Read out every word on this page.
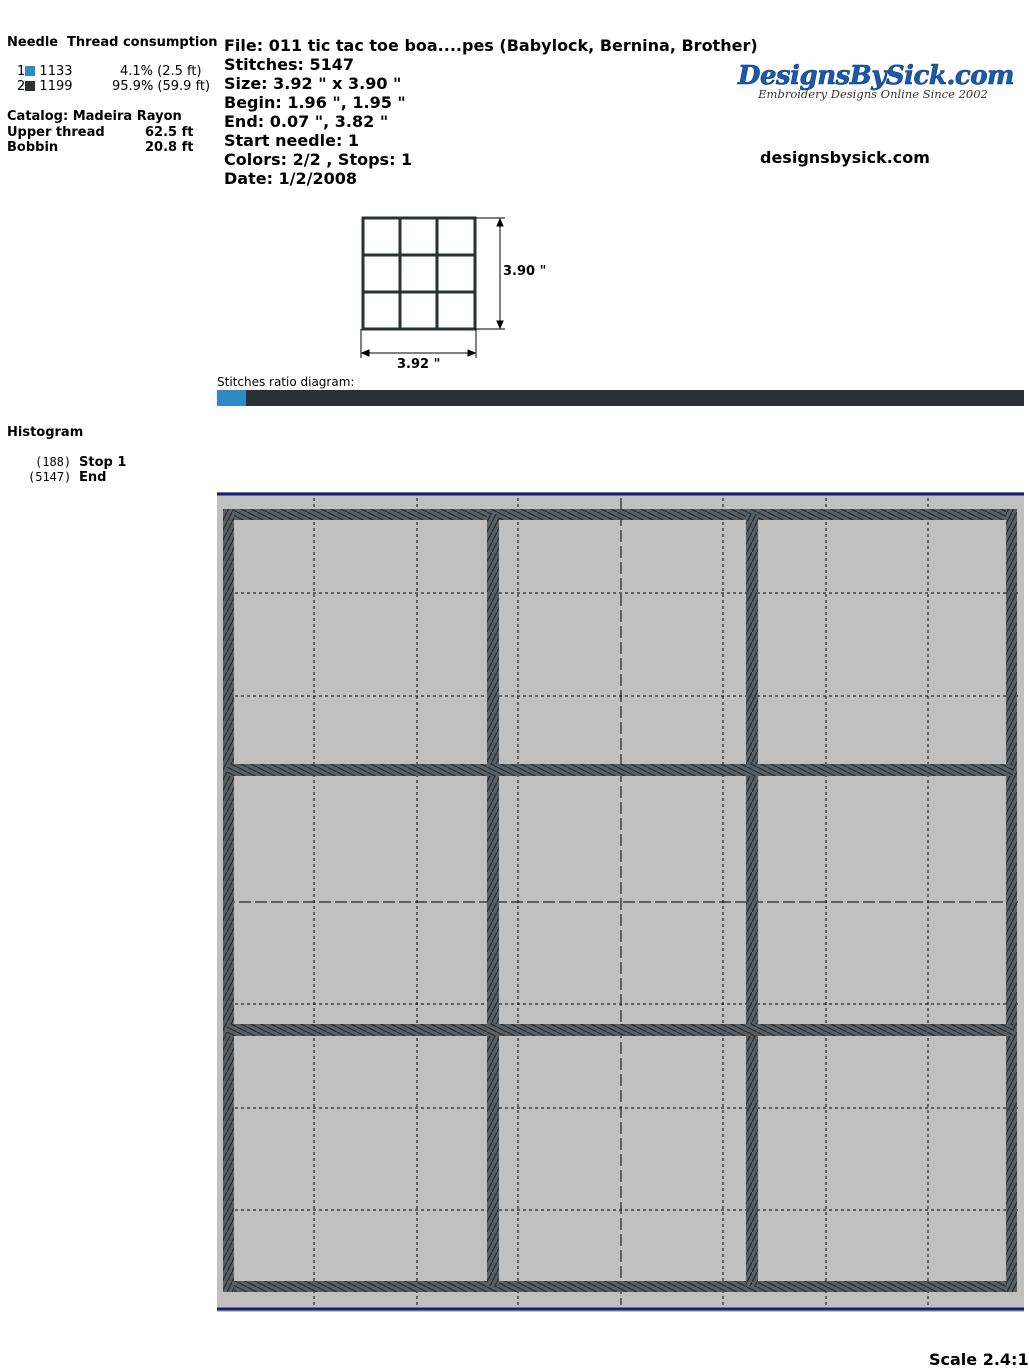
Needle Thread consumption
1 1133	4.1% (2.5 ft)
2 1199	95.9% (59.9 ft)
Catalog: Madeira Rayon
Upper thread	62.5 ft
Bobbin	20.8 ft
File: 011 tic tac toe boa....pes (Babylock, Bernina, Brother)
Stitches: 5147
Size: 3.92 " x 3.90 "
Begin: 1.96 ", 1.95 "
End: 0.07 ", 3.82 "
Start needle: 1
Colors: 2/2 , Stops: 1
Date: 1/2/2008
DesignsBySick.com
Embroidery Designs Online Since 2002
designsbysick.com
3.90 "
3.92 "
Stitches ratio diagram:
Histogram
(188) Stop 1
(5147) End
Scale 2.4:1
